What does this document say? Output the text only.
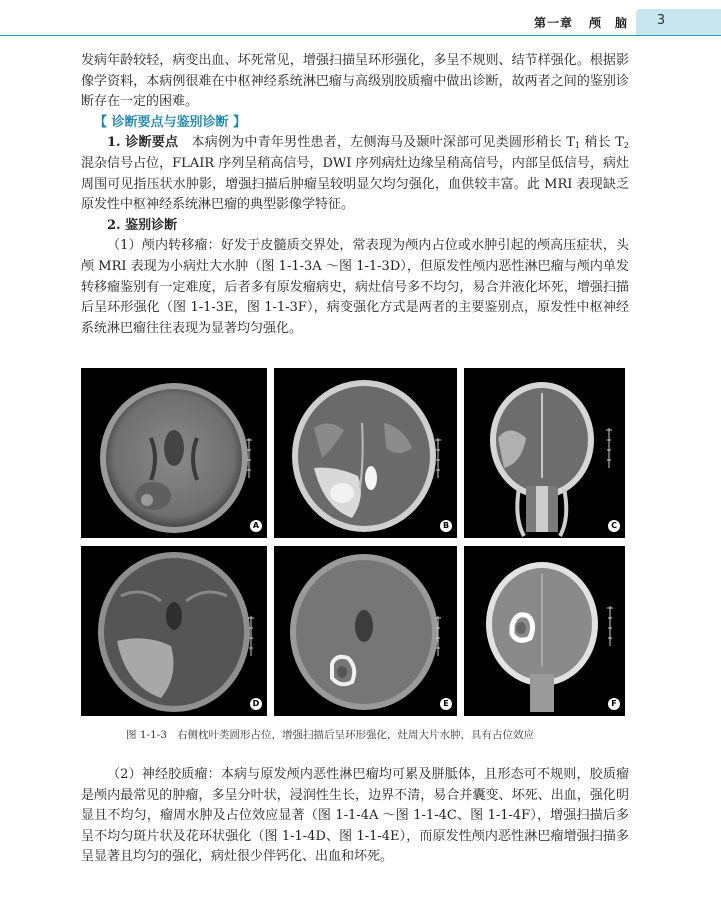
第一章 颅　脑	3

发病年龄较轻，病变出血、坏死常见，增强扫描呈环形强化，多呈不规则、结节样强化。根据影像学资料，本病例很难在中枢神经系统淋巴瘤与高级别胶质瘤中做出诊断，故两者之间的鉴别诊断存在一定的困难。

【 诊断要点与鉴别诊断 】

1. 诊断要点　 本病例为中青年男性患者，左侧海马及颞叶深部可见类圆形稍长 $T_1$ 稍长 $T_2$ 混杂信号占位，FLAIR 序列呈稍高信号，DWI 序列病灶边缘呈稍高信号，内部呈低信号，病灶周围可见指压状水肿影，增强扫描后肿瘤呈较明显欠均匀强化，血供较丰富。此 MRI 表现缺乏原发性中枢神经系统淋巴瘤的典型影像学特征。

2. 鉴别诊断

（1）颅内转移瘤：好发于皮髓质交界处，常表现为颅内占位或水肿引起的颅高压症状，头颅 MRI 表现为小病灶大水肿（图 1-1-3A ～图 1-1-3D），但原发性颅内恶性淋巴瘤与颅内单发转移瘤鉴别有一定难度，后者多有原发瘤病史，病灶信号多不均匀，易合并液化坏死，增强扫描后呈环形强化（图 1-1-3E，图 1-1-3F），病变强化方式是两者的主要鉴别点，原发性中枢神经系统淋巴瘤往往表现为显著均匀强化。

A	B	C
D	E	F
图 1-1-3 右侧枕叶类圆形占位，增强扫描后呈环形强化，灶周大片水肿，具有占位效应

（2）神经胶质瘤：本病与原发颅内恶性淋巴瘤均可累及胼胝体，且形态可不规则，胶质瘤是颅内最常见的肿瘤，多呈分叶状，浸润性生长，边界不清，易合并囊变、坏死、出血，强化明显且不均匀，瘤周水肿及占位效应显著（图 1-1-4A ～图 1-1-4C、图 1-1-4F），增强扫描后多呈不均匀斑片状及花环状强化（图 1-1-4D、图 1-1-4E），而原发性颅内恶性淋巴瘤增强扫描多呈显著且均匀的强化，病灶很少伴钙化、出血和坏死。
